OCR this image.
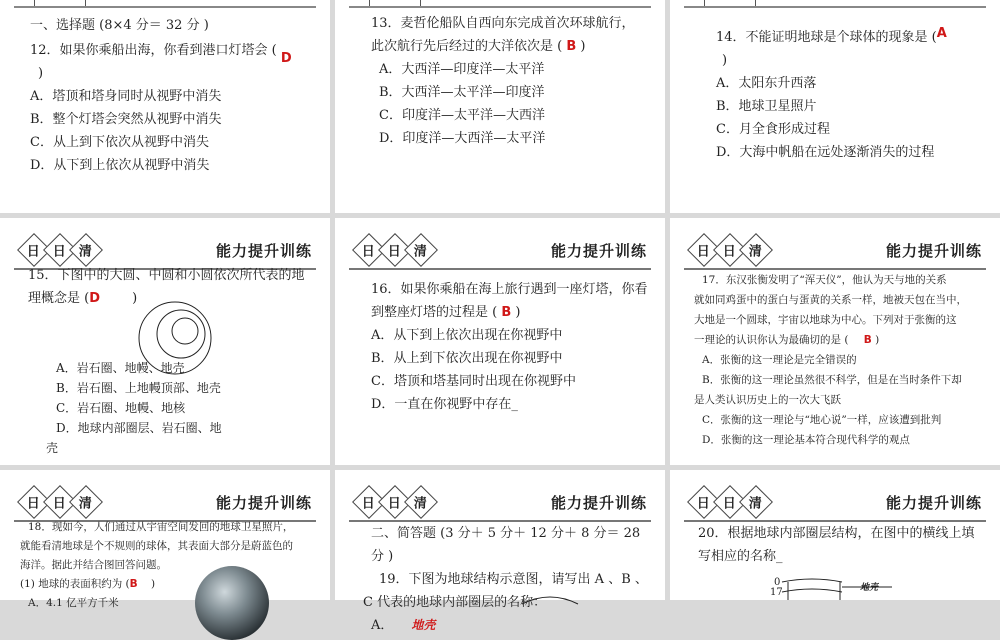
一、选择题 (8×4 分＝ 32 分 )

12．如果你乘船出海，你看到港口灯塔会 ( D

)

A．塔顶和塔身同时从视野中消失

B．整个灯塔会突然从视野中消失

C．从上到下依次从视野中消失

D．从下到上依次从视野中消失

13．麦哲伦船队自西向东完成首次环球航行，

此次航行先后经过的大洋依次是 ( B )

A．大西洋—印度洋—太平洋

B．大西洋—太平洋—印度洋

C．印度洋—太平洋—大西洋

D．印度洋—大西洋—太平洋

14．不能证明地球是个球体的现象是 (A

)

A．太阳东升西落

B．地球卫星照片

C．月全食形成过程

D．大海中帆船在远处逐渐消失的过程

日 日 清	能力提升训练

15．下图中的大圆、中圆和小圆依次所代表的地

理概念是 (D )

A．岩石圈、地幔、地壳

B．岩石圈、上地幔顶部、地壳

C．岩石圈、地幔、地核

D．地球内部圈层、岩石圈、地

壳

日 日 清	能力提升训练

16．如果你乘船在海上旅行遇到一座灯塔，你看

到整座灯塔的过程是 ( B )

A．从下到上依次出现在你视野中

B．从上到下依次出现在你视野中

C．塔顶和塔基同时出现在你视野中

D．一直在你视野中存在_

日 日 清	能力提升训练

17．东汉张衡发明了“浑天仪”，他认为天与地的关系

就如同鸡蛋中的蛋白与蛋黄的关系一样，地被天包在当中，

大地是一个圆球，宇宙以地球为中心。下列对于张衡的这

一理论的认识你认为最确切的是 ( B )

A．张衡的这一理论是完全错误的

B．张衡的这一理论虽然很不科学，但是在当时条件下却

是人类认识历史上的一次大飞跃

C．张衡的这一理论与“地心说”一样，应该遭到批判

D．张衡的这一理论基本符合现代科学的观点

日 日 清	能力提升训练

18．现如今，人们通过从宇宙空间发回的地球卫星照片，

就能看清地球是个不规则的球体，其表面大部分是蔚蓝色的

海洋。据此并结合图回答问题。

(1) 地球的表面积约为 (B )

A．4.1 亿平方千米

日 日 清	能力提升训练

二、简答题 (3 分＋ 5 分＋ 12 分＋ 8 分＝ 28 分 )

19．下图为地球结构示意图，请写出 A 、B 、

C 代表的地球内部圈层的名称：

A． 地壳

日 日 清	能力提升训练

20．根据地球内部圈层结构，在图中的横线上填

写相应的名称_

0
17	地壳
